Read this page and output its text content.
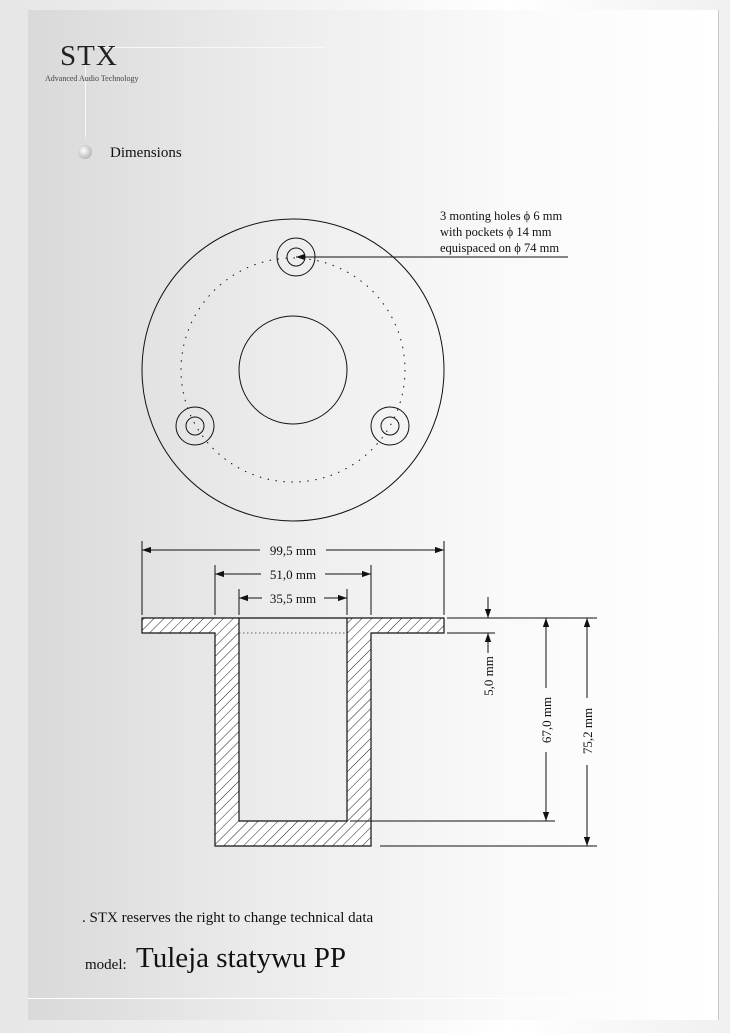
STX
Advanced Audio Technology
Dimensions
3 monting holes ϕ 6 mm
with pockets ϕ 14 mm
equispaced on ϕ 74 mm
99,5 mm
51,0 mm
35,5 mm
5,0 mm
67,0 mm 75,2 mm
. STX reserves the right to change technical data
model: Tuleja statywu PP
